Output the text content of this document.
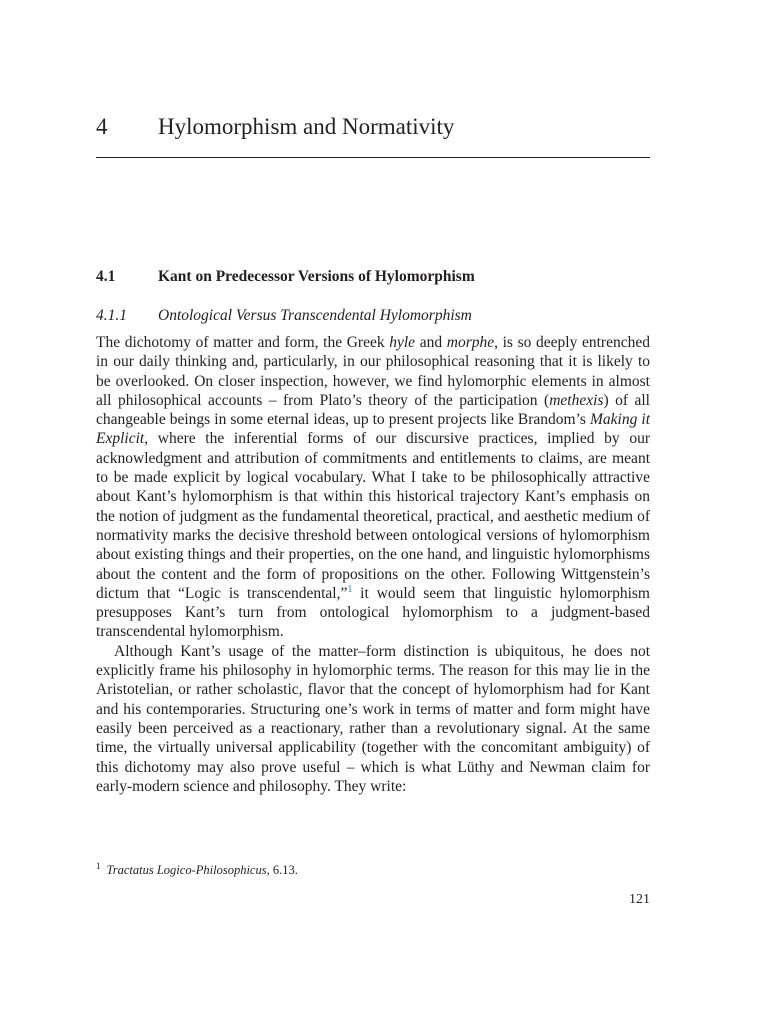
4 Hylomorphism and Normativity
4.1	Kant on Predecessor Versions of Hylomorphism
4.1.1 Ontological Versus Transcendental Hylomorphism

The dichotomy of matter and form, the Greek hyle and morphe, is so deeply entrenched in our daily thinking and, particularly, in our philosophical reasoning that it is likely to be overlooked. On closer inspection, however, we find hylomorphic elements in almost all philosophical accounts – from Plato’s theory of the participation (methexis) of all changeable beings in some eternal ideas, up to present projects like Brandom’s Making it Explicit, where the inferential forms of our discursive practices, implied by our acknowledgment and attribution of commitments and entitlements to claims, are meant to be made explicit by logical vocabulary. What I take to be philosophically attractive about Kant’s hylomorphism is that within this historical trajectory Kant’s emphasis on the notion of judgment as the fundamental theoretical, practical, and aesthetic medium of normativity marks the decisive threshold between ontological versions of hylomorphism about existing things and their properties, on the one hand, and linguistic hylomorphisms about the content and the form of propositions on the other. Following Wittgenstein’s dictum that “Logic is transcendental,”$^1$ it would seem that linguistic hylomorphism presupposes Kant’s turn from ontological hylomorphism to a judgment-based transcendental hylomorphism.

Although Kant’s usage of the matter–form distinction is ubiquitous, he does not explicitly frame his philosophy in hylomorphic terms. The reason for this may lie in the Aristotelian, or rather scholastic, flavor that the concept of hylomorphism had for Kant and his contemporaries. Structuring one’s work in terms of matter and form might have easily been perceived as a reactionary, rather than a revolutionary signal. At the same time, the virtually universal applicability (together with the concomitant ambiguity) of this dichotomy may also prove useful – which is what Lüthy and Newman claim for early-modern science and philosophy. They write:

$^1$ Tractatus Logico-Philosophicus, 6.13.
121
